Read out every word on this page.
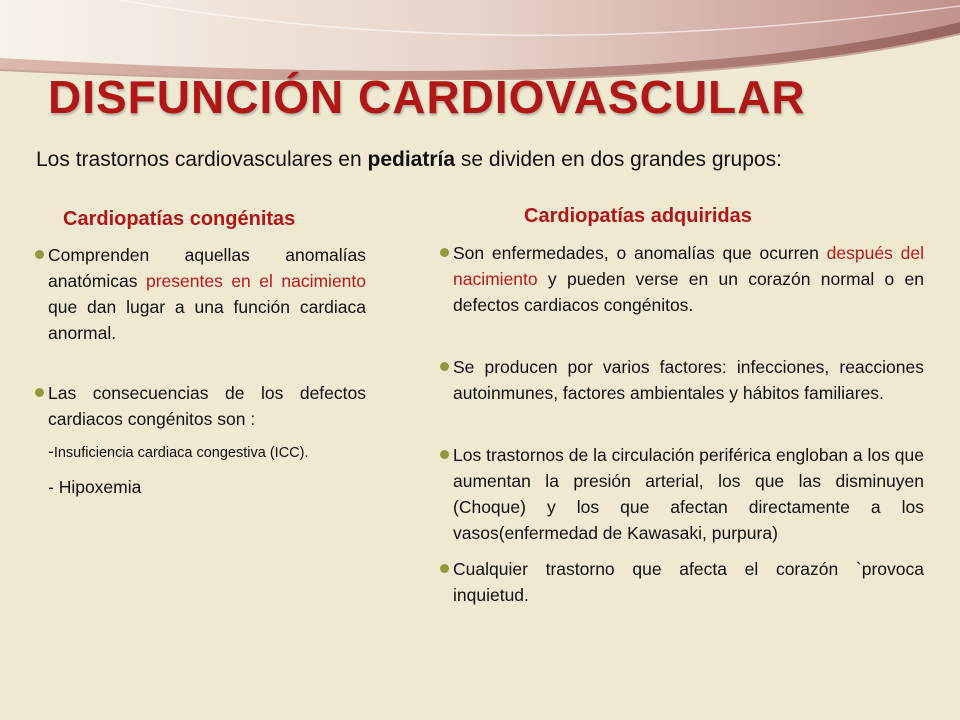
DISFUNCIÓN CARDIOVASCULAR

Los trastornos cardiovasculares en pediatría se dividen en dos grandes grupos:

Cardiopatías congénitas	Cardiopatías adquiridas

Comprenden aquellas anomalías anatómicas presentes en el nacimiento que dan lugar a una función cardiaca anormal.

Las consecuencias de los defectos cardiacos congénitos son :

-Insuficiencia cardiaca congestiva (ICC).

- Hipoxemia

Son enfermedades, o anomalías que ocurren después del nacimiento y pueden verse en un corazón normal o en defectos cardiacos congénitos.

Se producen por varios factores: infecciones, reacciones autoinmunes, factores ambientales y hábitos familiares.

Los trastornos de la circulación periférica engloban a los que aumentan la presión arterial, los que las disminuyen (Choque) y los que afectan directamente a los vasos(enfermedad de Kawasaki, purpura)

Cualquier trastorno que afecta el corazón `provoca inquietud.
